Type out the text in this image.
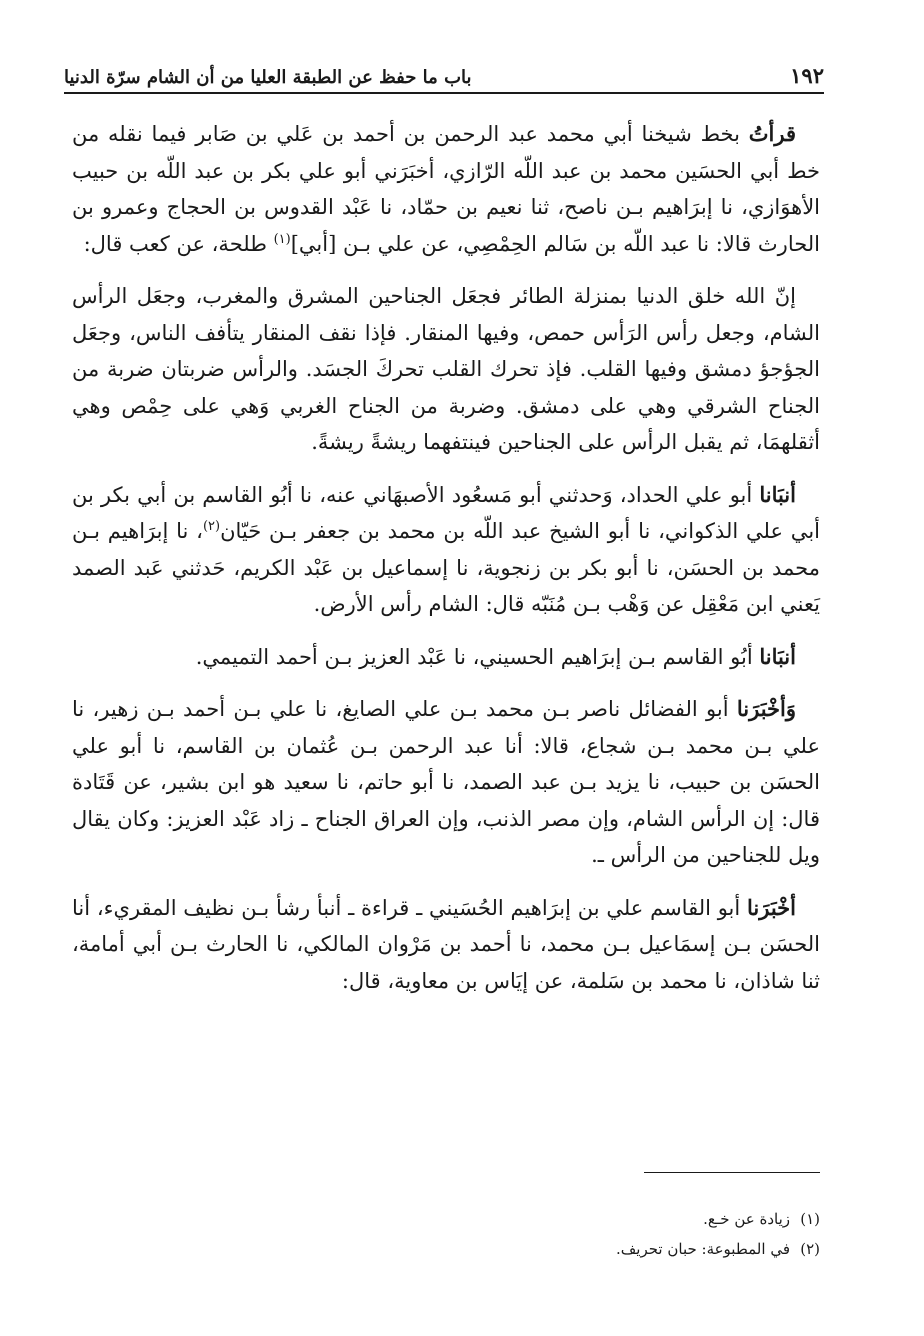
١٩٢
باب ما حفظ عن الطبقة العليا من أن الشام سرّة الدنيا

قرأتُ بخط شيخنا أبي محمد عبد الرحمن بن أحمد بن عَلي بن صَابر فيما نقله من خط أبي الحسَين محمد بن عبد اللّه الرّازي، أخبَرَني أبو علي بكر بن عبد اللّه بن حبيب الأهوَازي، نا إبرَاهيم بـن ناصح، ثنا نعيم بن حمّاد، نا عَبْد القدوس بن الحجاج وعمرو بن الحارث قالا: نا عبد اللّه بن سَالم الحِمْصِي، عن علي بـن [أبي]$^{(١)}$ طلحة، عن كعب قال:

إنّ الله خلق الدنيا بمنزلة الطائر فجعَل الجناحين المشرق والمغرب، وجعَل الرأس الشام، وجعل رأس الرَأس حمص، وفيها المنقار. فإذا نقف المنقار يتأفف الناس، وجعَل الجؤجؤ دمشق وفيها القلب. فإذ تحرك القلب تحركَ الجسَد. والرأس ضربتان ضربة من الجناح الشرقي وهي على دمشق. وضربة من الجناح الغربي وَهي على حِمْص وهي أثقلهمَا، ثم يقبل الرأس على الجناحين فينتفهما ريشةً ريشةً.

أنبَانا أبو علي الحداد، وَحدثني أبو مَسعُود الأصبهَاني عنه، نا أبُو القاسم بن أبي بكر بن أبي علي الذكواني، نا أبو الشيخ عبد اللّه بن محمد بن جعفر بـن حَيّان$^{(٢)}$، نا إبرَاهيم بـن محمد بن الحسَن، نا أبو بكر بن زنجوية، نا إسماعيل بن عَبْد الكريم، حَدثني عَبد الصمد يَعني ابن مَعْقِل عن وَهْب بـن مُنَبّه قال: الشام رأس الأرض.

أنبَانا أبُو القاسم بـن إبرَاهيم الحسيني، نا عَبْد العزيز بـن أحمد التميمي.

وَأخْبَرَنا أبو الفضائل ناصر بـن محمد بـن علي الصايغ، نا علي بـن أحمد بـن زهير، نا علي بـن محمد بـن شجاع، قالا: أنا عبد الرحمن بـن عُثمان بن القاسم، نا أبو علي الحسَن بن حبيب، نا يزيد بـن عبد الصمد، نا أبو حاتم، نا سعيد هو ابن بشير، عن قَتَادة قال: إن الرأس الشام، وإن مصر الذنب، وإن العراق الجناح ـ زاد عَبْد العزيز: وكان يقال ويل للجناحين من الرأس ـ.

أخْبَرَنا أبو القاسم علي بن إبرَاهيم الحُسَيني ـ قراءة ـ أنبأ رشأ بـن نظيف المقريء، أنا الحسَن بـن إسمَاعيل بـن محمد، نا أحمد بن مَرْوان المالكي، نا الحارث بـن أبي أمامة، ثنا شاذان، نا محمد بن سَلمة، عن إيَاس بن معاوية، قال:

(١)زيادة عن خـع.
(٢)في المطبوعة: حبان تحريف.
